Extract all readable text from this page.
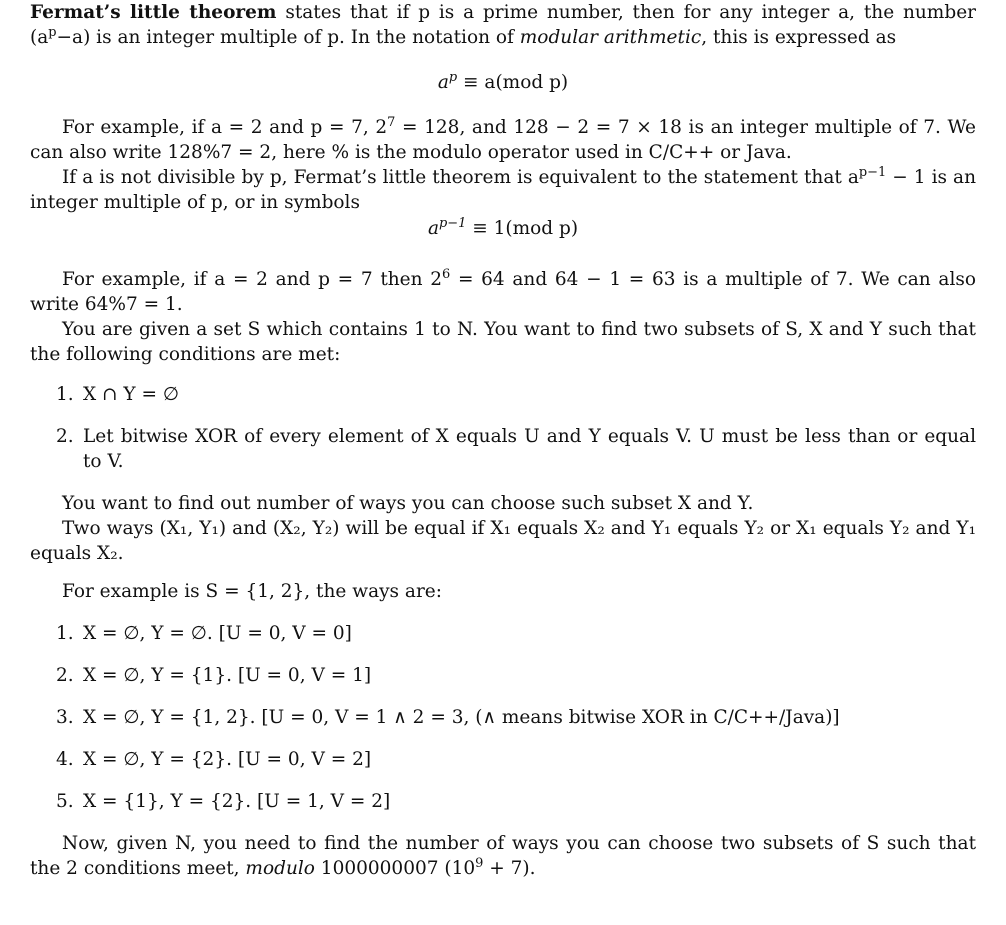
Fermat’s little theorem states that if p is a prime number, then for any integer a, the number $(a^p-a)$ is an integer multiple of p. In the notation of modular arithmetic, this is expressed as

$a^p \equiv a(mod$ p)

For example, if a = 2 and p = 7, $2^7 = 128$, and 128 − 2 = 7 × 18 is an integer multiple of 7. We can also write 128%7 = 2, here % is the modulo operator used in C/C++ or Java.

If a is not divisible by p, Fermat’s little theorem is equivalent to the statement that $a^{p-1} - 1$ is an integer multiple of p, or in symbols

$a^{p-1} \equiv 1(mod$ p)

For example, if a = 2 and p = 7 then $2^6 = 64$ and 64 − 1 = 63 is a multiple of 7. We can also write 64%7 = 1.

You are given a set S which contains 1 to N. You want to find two subsets of S, X and Y such that the following conditions are met:

1. X ∩ Y = ∅
2. Let bitwise XOR of every element of X equals U and Y equals V. U must be less than or equal to V.

You want to find out number of ways you can choose such subset X and Y.

Two ways (X₁, Y₁) and (X₂, Y₂) will be equal if X₁ equals X₂ and Y₁ equals Y₂ or X₁ equals Y₂ and Y₁ equals X₂.

For example is S = {1, 2}, the ways are:

1. X = ∅, Y = ∅. [U = 0, V = 0]
2. X = ∅, Y = {1}. [U = 0, V = 1]
3. X = ∅, Y = {1, 2}. [U = 0, V = 1 ∧ 2 = 3, (∧ means bitwise XOR in C/C++/Java)]
4. X = ∅, Y = {2}. [U = 0, V = 2]
5. X = {1}, Y = {2}. [U = 1, V = 2]

Now, given N, you need to find the number of ways you can choose two subsets of S such that the 2 conditions meet, modulo 1000000007 $(10^9 + 7)$.
